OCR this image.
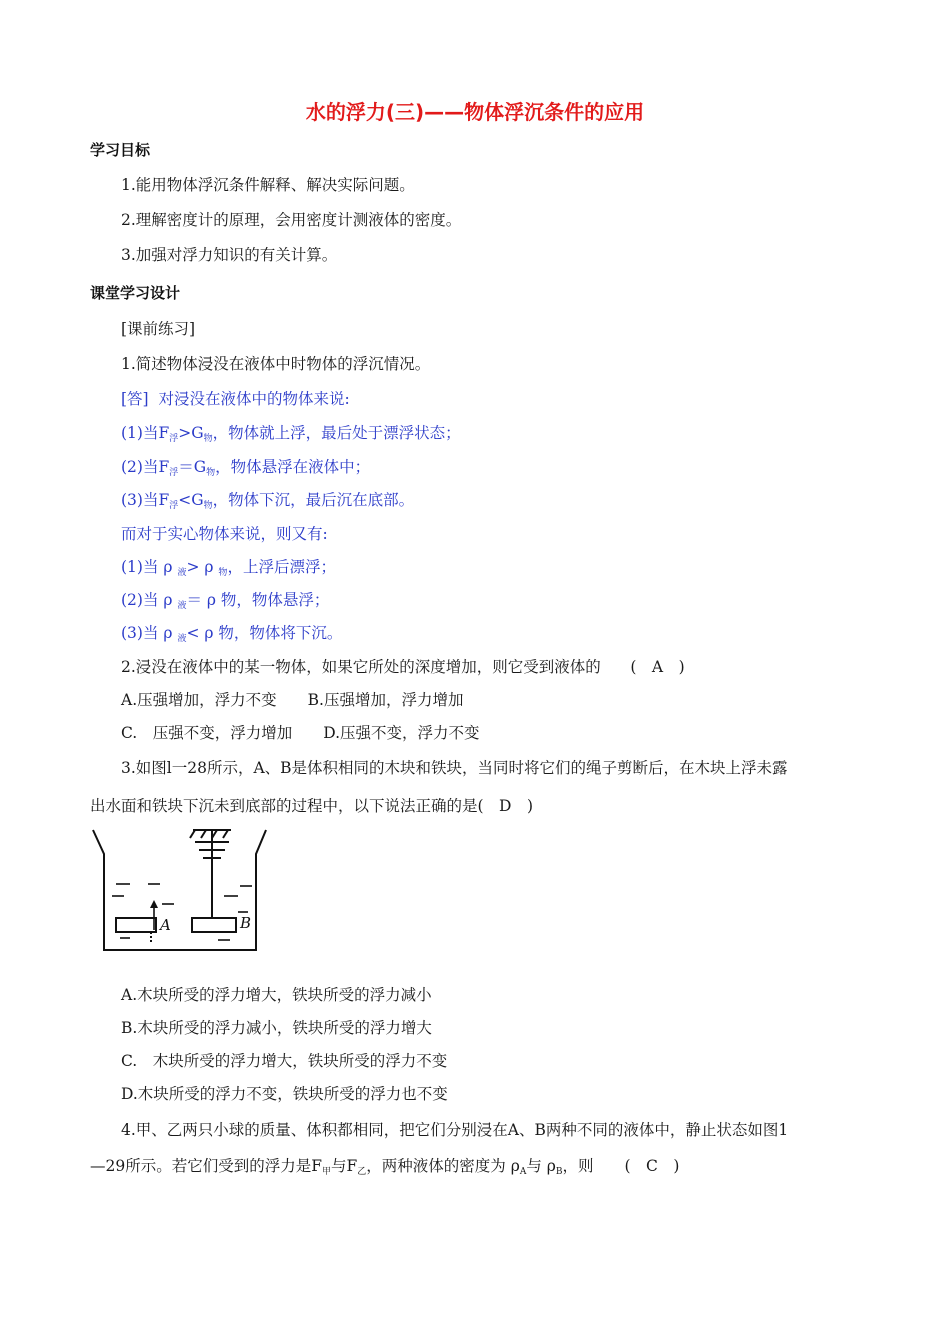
水的浮力(三)——物体浮沉条件的应用
学习目标
1.能用物体浮沉条件解释、解决实际问题。
2.理解密度计的原理，会用密度计测液体的密度。
3.加强对浮力知识的有关计算。
课堂学习设计
[课前练习]
1.简述物体浸没在液体中时物体的浮沉情况。
[答] 对浸没在液体中的物体来说:
(1)当F浮>G物，物体就上浮，最后处于漂浮状态；
(2)当F浮＝G物，物体悬浮在液体中；
(3)当F浮<G物，物体下沉，最后沉在底部。
而对于实心物体来说，则又有:
(1)当 ρ 液> ρ 物，上浮后漂浮；
(2)当 ρ 液＝ ρ 物，物体悬浮；
(3)当 ρ 液< ρ 物，物体将下沉。
2.浸没在液体中的某一物体，如果它所处的深度增加，则它受到液体的 (　A　)
A.压强增加，浮力不变　　B.压强增加，浮力增加
C.　压强不变，浮力增加　　D.压强不变，浮力不变
3.如图l一28所示，A、B是体积相同的木块和铁块，当同时将它们的绳子剪断后，在木块上浮未露
出水面和铁块下沉未到底部的过程中，以下说法正确的是(　D　)
A	B
A.木块所受的浮力增大，铁块所受的浮力减小
B.木块所受的浮力减小，铁块所受的浮力增大
C.　木块所受的浮力增大，铁块所受的浮力不变
D.木块所受的浮力不变，铁块所受的浮力也不变
4.甲、乙两只小球的质量、体积都相同，把它们分别浸在A、B两种不同的液体中，静止状态如图1
—29所示。若它们受到的浮力是F甲与F乙，两种液体的密度为 ρA与 ρB，则　　(　C　)
